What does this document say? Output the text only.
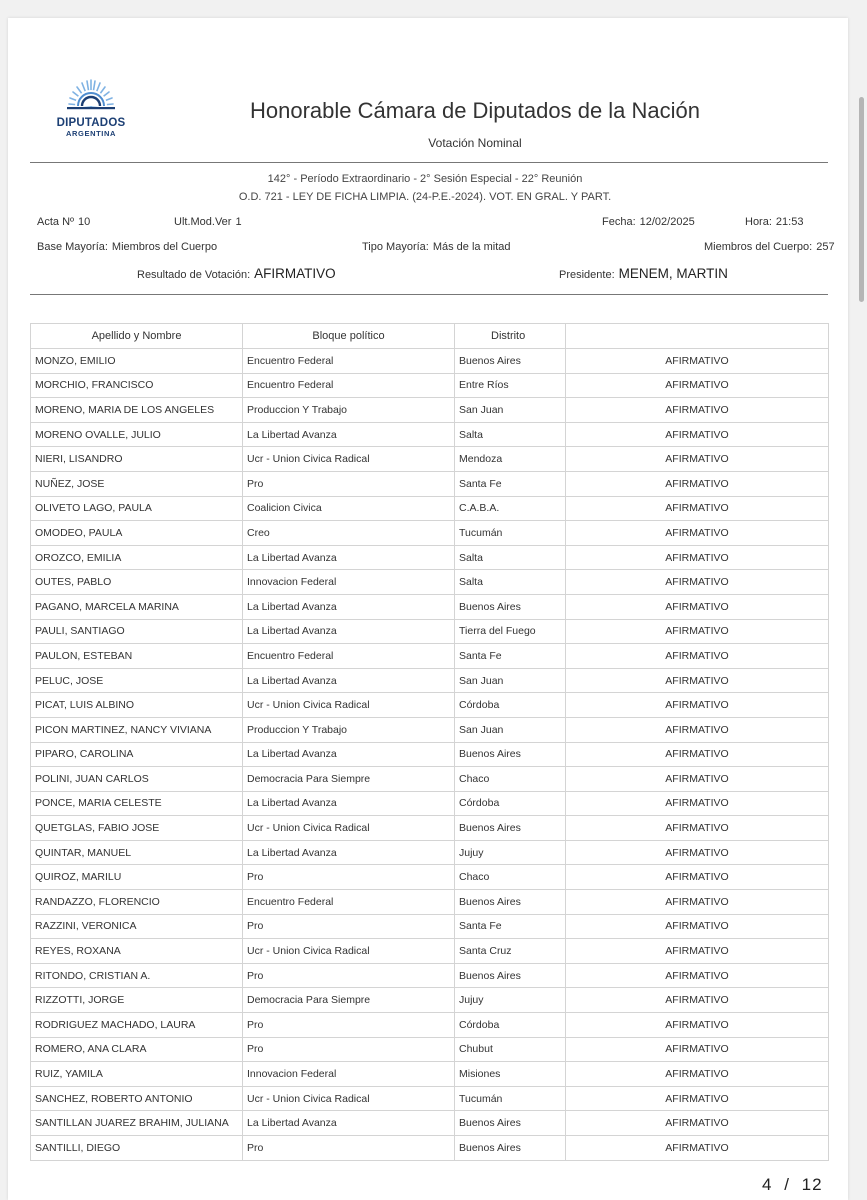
DIPUTADOS
ARGENTINA
Honorable Cámara de Diputados de la Nación
Votación Nominal
142° - Período Extraordinario - 2° Sesión Especial - 22° Reunión
O.D. 721 - LEY DE FICHA LIMPIA. (24-P.E.-2024). VOT. EN GRAL. Y PART.
Acta Nº 10	Ult.Mod.Ver 1	Fecha: 12/02/2025	Hora: 21:53
Base Mayoría: Miembros del Cuerpo	Tipo Mayoría: Más de la mitad	Miembros del Cuerpo: 257
Resultado de Votación: AFIRMATIVO	Presidente: MENEM, MARTIN
Apellido y Nombre	Bloque político	Distrito	
MONZO, EMILIO	Encuentro Federal	Buenos Aires	AFIRMATIVO
MORCHIO, FRANCISCO	Encuentro Federal	Entre Ríos	AFIRMATIVO
MORENO, MARIA DE LOS ANGELES	Produccion Y Trabajo	San Juan	AFIRMATIVO
MORENO OVALLE, JULIO	La Libertad Avanza	Salta	AFIRMATIVO
NIERI, LISANDRO	Ucr - Union Civica Radical	Mendoza	AFIRMATIVO
NUÑEZ, JOSE	Pro	Santa Fe	AFIRMATIVO
OLIVETO LAGO, PAULA	Coalicion Civica	C.A.B.A.	AFIRMATIVO
OMODEO, PAULA	Creo	Tucumán	AFIRMATIVO
OROZCO, EMILIA	La Libertad Avanza	Salta	AFIRMATIVO
OUTES, PABLO	Innovacion Federal	Salta	AFIRMATIVO
PAGANO, MARCELA MARINA	La Libertad Avanza	Buenos Aires	AFIRMATIVO
PAULI, SANTIAGO	La Libertad Avanza	Tierra del Fuego	AFIRMATIVO
PAULON, ESTEBAN	Encuentro Federal	Santa Fe	AFIRMATIVO
PELUC, JOSE	La Libertad Avanza	San Juan	AFIRMATIVO
PICAT, LUIS ALBINO	Ucr - Union Civica Radical	Córdoba	AFIRMATIVO
PICON MARTINEZ, NANCY VIVIANA	Produccion Y Trabajo	San Juan	AFIRMATIVO
PIPARO, CAROLINA	La Libertad Avanza	Buenos Aires	AFIRMATIVO
POLINI, JUAN CARLOS	Democracia Para Siempre	Chaco	AFIRMATIVO
PONCE, MARIA CELESTE	La Libertad Avanza	Córdoba	AFIRMATIVO
QUETGLAS, FABIO JOSE	Ucr - Union Civica Radical	Buenos Aires	AFIRMATIVO
QUINTAR, MANUEL	La Libertad Avanza	Jujuy	AFIRMATIVO
QUIROZ, MARILU	Pro	Chaco	AFIRMATIVO
RANDAZZO, FLORENCIO	Encuentro Federal	Buenos Aires	AFIRMATIVO
RAZZINI, VERONICA	Pro	Santa Fe	AFIRMATIVO
REYES, ROXANA	Ucr - Union Civica Radical	Santa Cruz	AFIRMATIVO
RITONDO, CRISTIAN A.	Pro	Buenos Aires	AFIRMATIVO
RIZZOTTI, JORGE	Democracia Para Siempre	Jujuy	AFIRMATIVO
RODRIGUEZ MACHADO, LAURA	Pro	Córdoba	AFIRMATIVO
ROMERO, ANA CLARA	Pro	Chubut	AFIRMATIVO
RUIZ, YAMILA	Innovacion Federal	Misiones	AFIRMATIVO
SANCHEZ, ROBERTO ANTONIO	Ucr - Union Civica Radical	Tucumán	AFIRMATIVO
SANTILLAN JUAREZ BRAHIM, JULIANA	La Libertad Avanza	Buenos Aires	AFIRMATIVO
SANTILLI, DIEGO	Pro	Buenos Aires	AFIRMATIVO
4 / 12
